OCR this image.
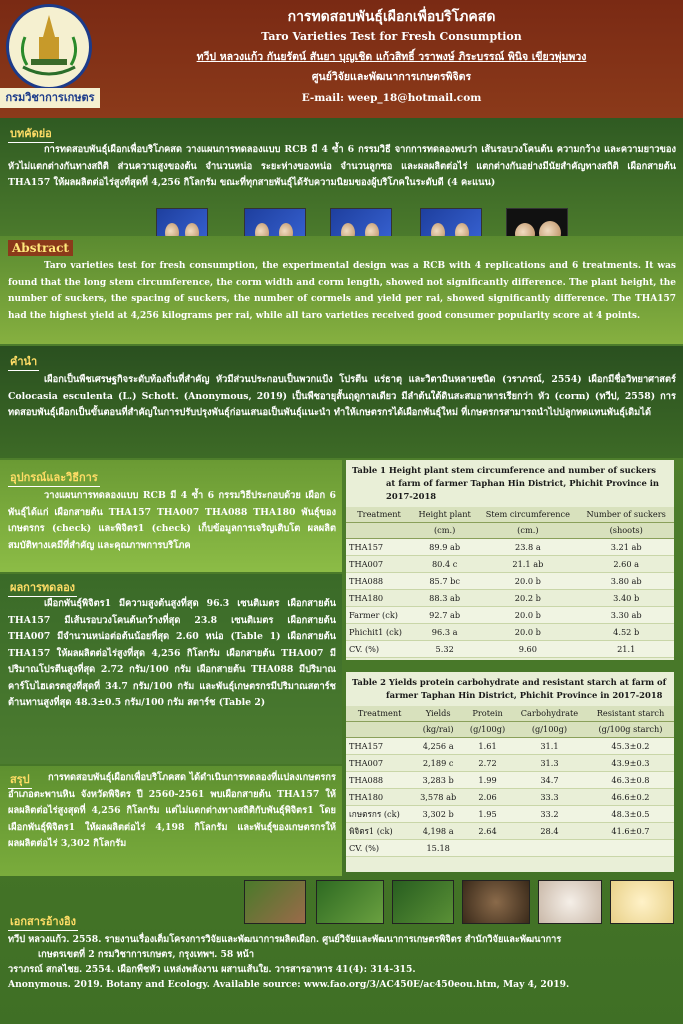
กรมวิชาการเกษตร
การทดสอบพันธุ์เผือกเพื่อบริโภคสด
Taro Varieties Test for Fresh Consumption
ทวีป หลวงแก้ว กันยรัตน์ สันยา บุญเชิด แก้วสิทธิ์ วราพงษ์ ภิระบรรณ์ พินิจ เขียวพุ่มพวง
ศูนย์วิจัยและพัฒนาการเกษตรพิจิตร
E-mail: weep_18@hotmail.com
บทคัดย่อ
การทดสอบพันธุ์เผือกเพื่อบริโภคสด วางแผนการทดลองแบบ RCB มี 4 ซ้ำ 6 กรรมวิธี จากการทดลองพบว่า เส้นรอบวงโคนต้น ความกว้าง และความยาวของหัวไม่แตกต่างกันทางสถิติ ส่วนความสูงของต้น จำนวนหน่อ ระยะห่างของหน่อ จำนวนลูกซอ และผลผลิตต่อไร่ แตกต่างกันอย่างมีนัยสำคัญทางสถิติ เผือกสายต้น THA157 ให้ผลผลิตต่อไร่สูงที่สุดที่ 4,256 กิโลกรัม ขณะที่ทุกสายพันธุ์ได้รับความนิยมของผู้บริโภคในระดับดี (4 คะแนน)
Abstract
Taro varieties test for fresh consumption, the experimental design was a RCB with 4 replications and 6 treatments. It was found that the long stem circumference, the corm width and corm length, showed not significantly difference. The plant height, the number of suckers, the spacing of suckers, the number of cormels and yield per rai, showed significantly difference. The THA157 had the highest yield at 4,256 kilograms per rai, while all taro varieties received good consumer popularity score at 4 points.
คำนำ
เผือกเป็นพืชเศรษฐกิจระดับท้องถิ่นที่สำคัญ หัวมีส่วนประกอบเป็นพวกแป้ง โปรตีน แร่ธาตุ และวิตามินหลายชนิด (วราภรณ์, 2554) เผือกมีชื่อวิทยาศาสตร์ Colocasia esculenta (L.) Schott. (Anonymous, 2019) เป็นพืชอายุสั้นฤดูกาลเดียว มีลำต้นใต้ดินสะสมอาหารเรียกว่า หัว (corm) (ทวีป, 2558) การทดสอบพันธุ์เผือกเป็นขั้นตอนที่สำคัญในการปรับปรุงพันธุ์ก่อนเสนอเป็นพันธุ์แนะนำ ทำให้เกษตรกรได้เผือกพันธุ์ใหม่ ที่เกษตรกรสามารถนำไปปลูกทดแทนพันธุ์เดิมได้
อุปกรณ์และวิธีการ
วางแผนการทดลองแบบ RCB มี 4 ซ้ำ 6 กรรมวิธีประกอบด้วย เผือก 6 พันธุ์ได้แก่ เผือกสายต้น THA157 THA007 THA088 THA180 พันธุ์ของเกษตรกร (check) และพิจิตร1 (check) เก็บข้อมูลการเจริญเติบโต ผลผลิต สมบัติทางเคมีที่สำคัญ และคุณภาพการบริโภค
ผลการทดลอง
เผือกพันธุ์พิจิตร1 มีความสูงต้นสูงที่สุด 96.3 เซนติเมตร เผือกสายต้น THA157 มีเส้นรอบวงโคนต้นกว้างที่สุด 23.8 เซนติเมตร เผือกสายต้น THA007 มีจำนวนหน่อต่อต้นน้อยที่สุด 2.60 หน่อ (Table 1) เผือกสายต้น THA157 ให้ผลผลิตต่อไร่สูงที่สุด 4,256 กิโลกรัม เผือกสายต้น THA007 มีปริมาณโปรตีนสูงที่สุด 2.72 กรัม/100 กรัม เผือกสายต้น THA088 มีปริมาณคาร์โบไฮเดรตสูงที่สุดที่ 34.7 กรัม/100 กรัม และพันธุ์เกษตรกรมีปริมาณสตาร์ชต้านทานสูงที่สุด 48.3±0.5 กรัม/100 กรัม สตาร์ช (Table 2)
สรุป	การทดสอบพันธุ์เผือกเพื่อบริโภคสด ได้ดำเนินการทดลองที่แปลงเกษตรกรอำเภอตะพานหิน จังหวัดพิจิตร ปี 2560-2561 พบเผือกสายต้น THA157 ให้ผลผลิตต่อไร่สูงสุดที่ 4,256 กิโลกรัม แต่ไม่แตกต่างทางสถิติกับพันธุ์พิจิตร1 โดยเผือกพันธุ์พิจิตร1 ให้ผลผลิตต่อไร่ 4,198 กิโลกรัม และพันธุ์ของเกษตรกรให้ผลผลิตต่อไร่ 3,302 กิโลกรัม
Table 1 Height plant stem circumference and number of suckers
at farm of farmer Taphan Hin District, Phichit Province in
2017-2018
Treatment	Height plant	Stem circumference	Number of suckers
	(cm.)	(cm.)	(shoots)
THA157	89.9 ab	23.8 a	3.21 ab
THA007	80.4 c	21.1 ab	2.60 a
THA088	85.7 bc	20.0 b	3.80 ab
THA180	88.3 ab	20.2 b	3.40 b
Farmer (ck)	92.7 ab	20.0 b	3.30 ab
Phichit1 (ck)	96.3 a	20.0 b	4.52 b
CV. (%)	5.32	9.60	21.1
Table 2 Yields protein carbohydrate and resistant starch at farm of
farmer Taphan Hin District, Phichit Province in 2017-2018
Treatment	Yields	Protein	Carbohydrate	Resistant starch
	(kg/rai)	(g/100g)	(g/100g)	(g/100g starch)
THA157	4,256 a	1.61	31.1	45.3±0.2
THA007	2,189 c	2.72	31.3	43.9±0.3
THA088	3,283 b	1.99	34.7	46.3±0.8
THA180	3,578 ab	2.06	33.3	46.6±0.2
เกษตรกร (ck)	3,302 b	1.95	33.2	48.3±0.5
พิจิตร1 (ck)	4,198 a	2.64	28.4	41.6±0.7
CV. (%)	15.18			
เอกสารอ้างอิง
ทวีป หลวงแก้ว. 2558. รายงานเรื่องเต็มโครงการวิจัยและพัฒนาการผลิตเผือก. ศูนย์วิจัยและพัฒนาการเกษตรพิจิตร สำนักวิจัยและพัฒนาการ
เกษตรเขตที่ 2 กรมวิชาการเกษตร, กรุงเทพฯ. 58 หน้า
วราภรณ์ สกลไชย. 2554. เผือกพืชหัว แหล่งพลังงาน ผสานเส้นใย. วารสารอาหาร 41(4): 314-315.
Anonymous. 2019. Botany and Ecology. Available source: www.fao.org/3/AC450E/ac450eou.htm, May 4, 2019.
